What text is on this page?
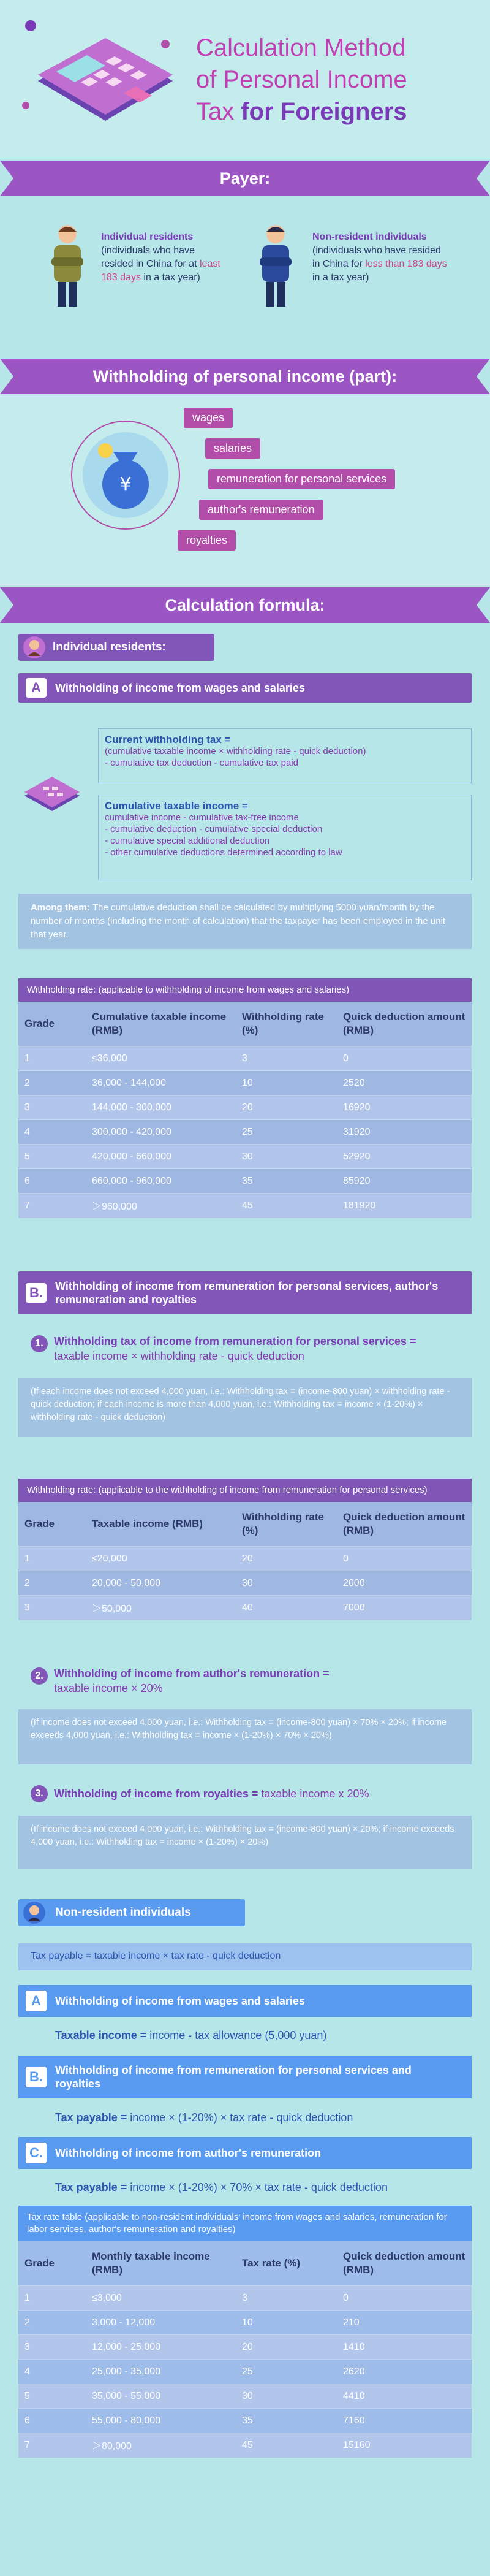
Calculation Method
of Personal Income
Tax for Foreigners
Payer:
Individual residents
(individuals who have resided in China for at least 183 days in a tax year)
Non-resident individuals
(individuals who have resided in China for less than 183 days in a tax year)
Withholding of personal income (part):
¥
wages
salaries
remuneration for personal services
author's remuneration
royalties
Calculation formula:
Individual residents:
A	Withholding of income from wages and salaries
Current withholding tax =
(cumulative taxable income × withholding rate - quick deduction)
- cumulative tax deduction - cumulative tax paid
Cumulative taxable income =
cumulative income - cumulative tax-free income
- cumulative deduction - cumulative special deduction
- cumulative special additional deduction
- other cumulative deductions determined according to law
Among them: The cumulative deduction shall be calculated by multiplying 5000 yuan/month by the number of months (including the month of calculation) that the taxpayer has been employed in the unit that year.
Withholding rate: (applicable to withholding of income from wages and salaries)
Grade	Cumulative taxable income (RMB)	Withholding rate (%)	Quick deduction amount (RMB)
1	≤36,000	3	0
2	36,000 - 144,000	10	2520
3	144,000 - 300,000	20	16920
4	300,000 - 420,000	25	31920
5	420,000 - 660,000	30	52920
6	660,000 - 960,000	35	85920
7	＞960,000	45	181920
B.	Withholding of income from remuneration for personal services, author's remuneration and royalties
1. Withholding tax of income from remuneration for personal services =
taxable income × withholding rate - quick deduction
(If each income does not exceed 4,000 yuan, i.e.: Withholding tax = (income-800 yuan) × withholding rate - quick deduction; if each income is more than 4,000 yuan, i.e.: Withholding tax = income × (1-20%) × withholding rate - quick deduction)
Withholding rate: (applicable to the withholding of income from remuneration for personal services)
Grade	Taxable income (RMB)	Withholding rate (%)	Quick deduction amount (RMB)
1	≤20,000	20	0
2	20,000 - 50,000	30	2000
3	＞50,000	40	7000
2. Withholding of income from author's remuneration =
taxable income × 20%
(If income does not exceed 4,000 yuan, i.e.: Withholding tax = (income-800 yuan) × 70% × 20%; if income exceeds 4,000 yuan, i.e.: Withholding tax = income × (1-20%) × 70% × 20%)
3. Withholding of income from royalties = taxable income x 20%
(If income does not exceed 4,000 yuan, i.e.: Withholding tax = (income-800 yuan) × 20%; if income exceeds 4,000 yuan, i.e.: Withholding tax = income × (1-20%) × 20%)
Non-resident individuals
Tax payable = taxable income × tax rate - quick deduction
A	Withholding of income from wages and salaries
Taxable income = income - tax allowance (5,000 yuan)
B.	Withholding of income from remuneration for personal services and royalties
Tax payable = income × (1-20%) × tax rate - quick deduction
C.	Withholding of income from author's remuneration
Tax payable = income × (1-20%) × 70% × tax rate - quick deduction
Tax rate table (applicable to non-resident individuals' income from wages and salaries, remuneration for labor services, author's remuneration and royalties)
Grade	Monthly taxable income (RMB)	Tax rate (%)	Quick deduction amount (RMB)
1	≤3,000	3	0
2	3,000 - 12,000	10	210
3	12,000 - 25,000	20	1410
4	25,000 - 35,000	25	2620
5	35,000 - 55,000	30	4410
6	55,000 - 80,000	35	7160
7	＞80,000	45	15160
